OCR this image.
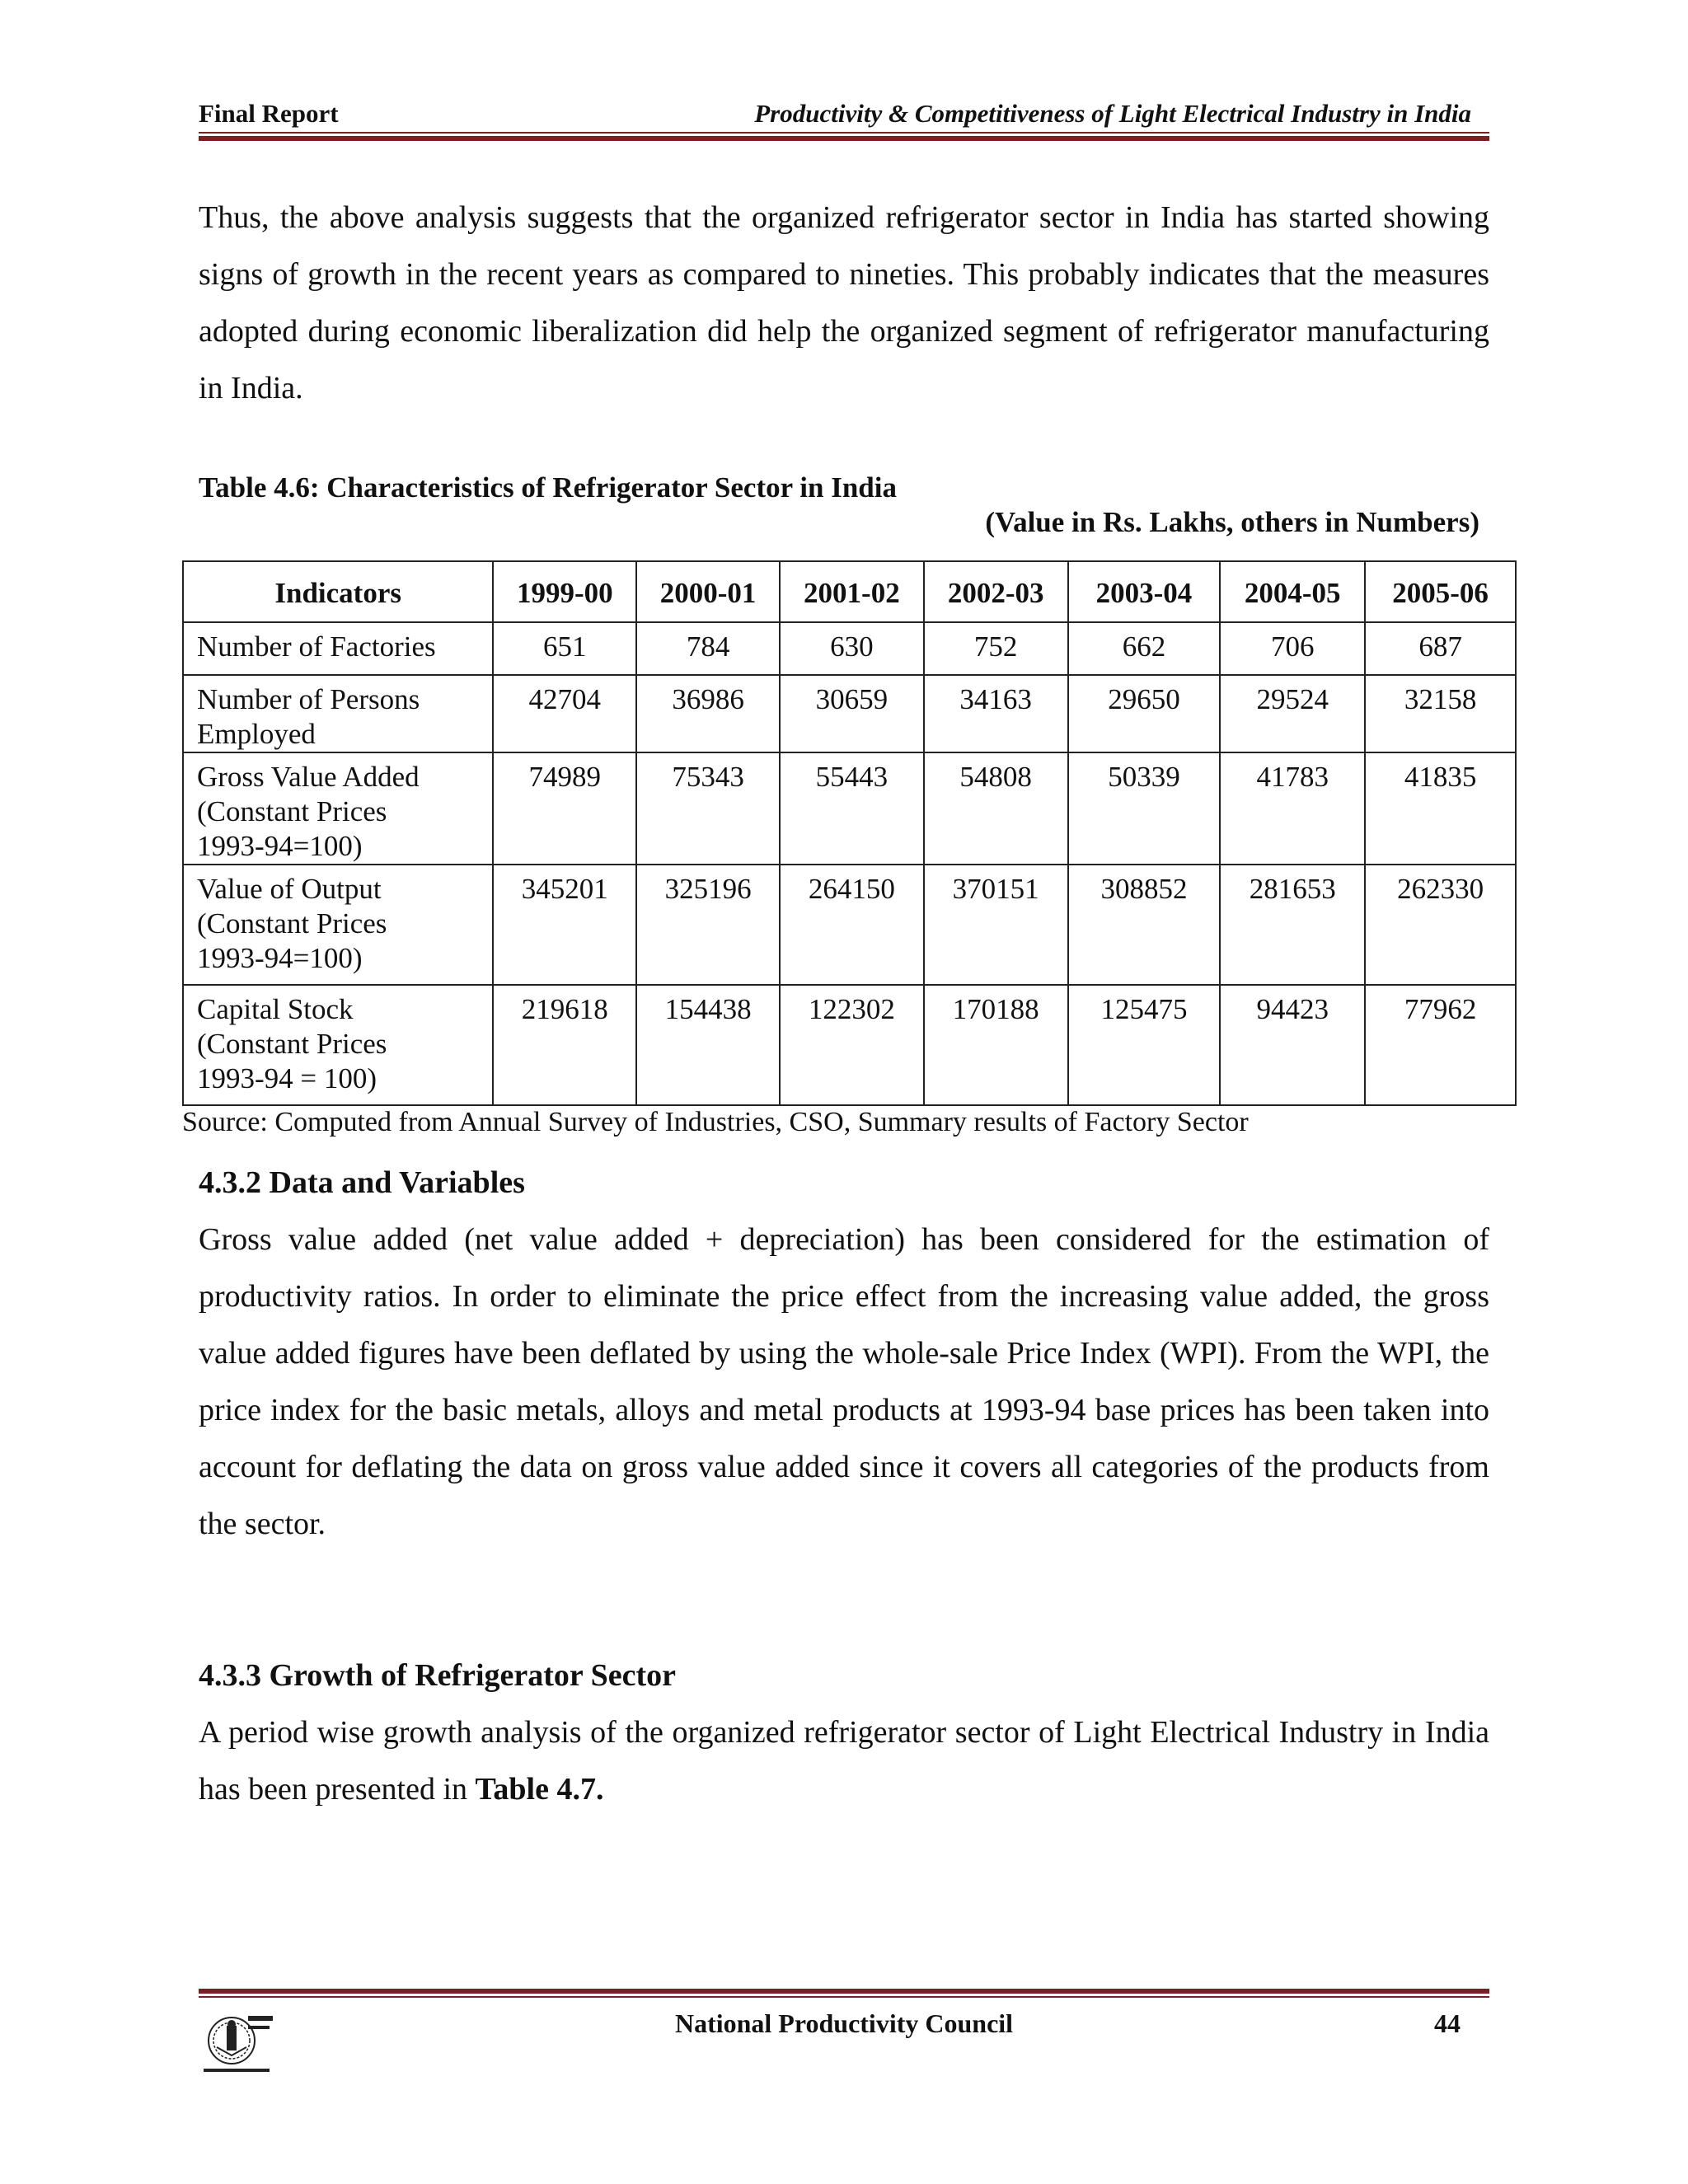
Final Report	Productivity & Competitiveness of Light Electrical Industry in India

Thus, the above analysis suggests that the organized refrigerator sector in India has started showing signs of growth in the recent years as compared to nineties. This probably indicates that the measures adopted during economic liberalization did help the organized segment of refrigerator manufacturing in India.

Table 4.6: Characteristics of Refrigerator Sector in India
(Value in Rs. Lakhs, others in Numbers)
Indicators	1999-00	2000-01	2001-02	2002-03	2003-04	2004-05	2005-06
Number of Factories	651	784	630	752	662	706	687
Number of Persons
Employed	42704	36986	30659	34163	29650	29524	32158
Gross Value Added
(Constant Prices
1993-94=100)	74989	75343	55443	54808	50339	41783	41835
Value of Output
(Constant Prices
1993-94=100)	345201	325196	264150	370151	308852	281653	262330
Capital Stock
(Constant Prices
1993-94 = 100)	219618	154438	122302	170188	125475	94423	77962
Source: Computed from Annual Survey of Industries, CSO, Summary results of Factory Sector
4.3.2 Data and Variables

Gross value added (net value added + depreciation) has been considered for the estimation of productivity ratios. In order to eliminate the price effect from the increasing value added, the gross value added figures have been deflated by using the whole-sale Price Index (WPI). From the WPI, the price index for the basic metals, alloys and metal products at 1993-94 base prices has been taken into account for deflating the data on gross value added since it covers all categories of the products from the sector.

4.3.3 Growth of Refrigerator Sector

A period wise growth analysis of the organized refrigerator sector of Light Electrical Industry in India has been presented in Table 4.7.

National Productivity Council	44
